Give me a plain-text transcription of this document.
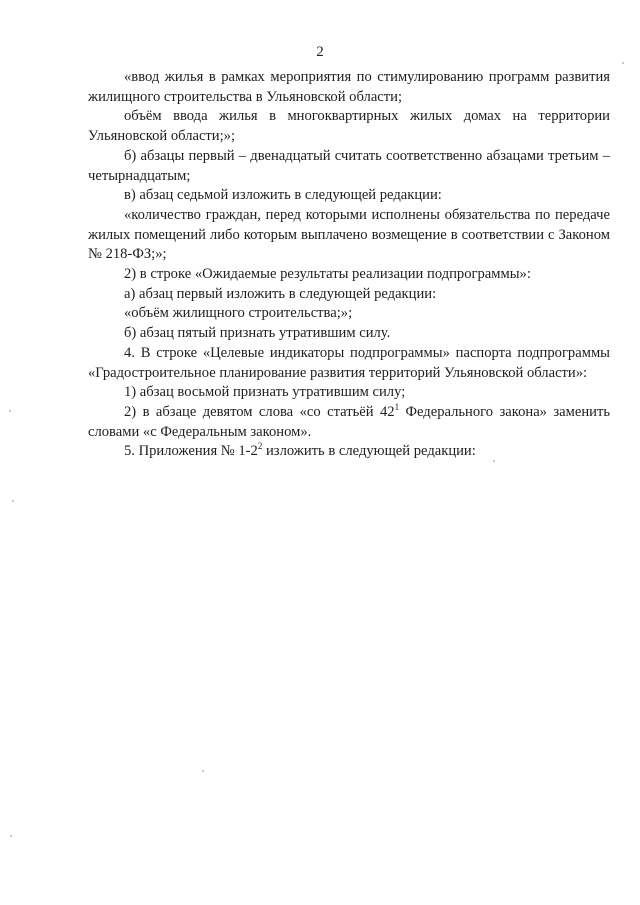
2

«ввод жилья в рамках мероприятия по стимулированию программ развития жилищного строительства в Ульяновской области;

объём ввода жилья в многоквартирных жилых домах на территории Ульяновской области;»;

б) абзацы первый – двенадцатый считать соответственно абзацами третьим – четырнадцатым;

в) абзац седьмой изложить в следующей редакции:

«количество граждан, перед которыми исполнены обязательства по передаче жилых помещений либо которым выплачено возмещение в соответствии с Законом № 218-ФЗ;»;

2) в строке «Ожидаемые результаты реализации подпрограммы»:

а) абзац первый изложить в следующей редакции:

«объём жилищного строительства;»;

б) абзац пятый признать утратившим силу.

4. В строке «Целевые индикаторы подпрограммы» паспорта подпрограммы «Градостроительное планирование развития территорий Ульяновской области»:

1) абзац восьмой признать утратившим силу;

2) в абзаце девятом слова «со статьёй $42^1$ Федерального закона» заменить словами «с Федеральным законом».

5. Приложения № $1-2^2$ изложить в следующей редакции:
